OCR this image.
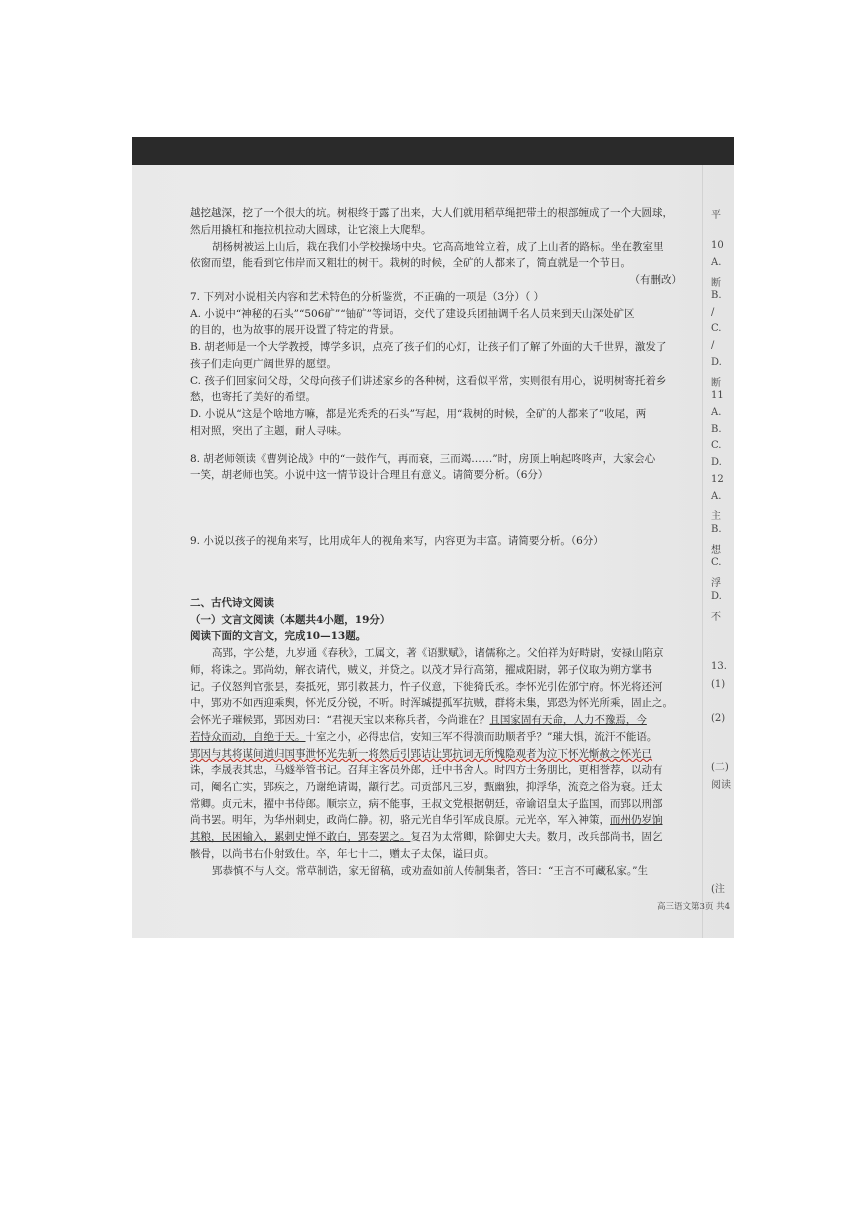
越挖越深，挖了一个很大的坑。树根终于露了出来，大人们就用稻草绳把带土的根部缠成了一个大圆球，
然后用撬杠和拖拉机拉动大圆球，让它滚上大爬犁。
胡杨树被运上山后，栽在我们小学校操场中央。它高高地耸立着，成了上山者的路标。坐在教室里
依窗而望，能看到它伟岸而又粗壮的树干。栽树的时候，全矿的人都来了，简直就是一个节日。
（有删改）
7. 下列对小说相关内容和艺术特色的分析鉴赏，不正确的一项是（3分）（ ）
A. 小说中“神秘的石头”“506矿”“铀矿”等词语，交代了建设兵团抽调千名人员来到天山深处矿区
的目的，也为故事的展开设置了特定的背景。
B. 胡老师是一个大学教授，博学多识，点亮了孩子们的心灯，让孩子们了解了外面的大千世界，激发了
孩子们走向更广阔世界的愿望。
C. 孩子们回家问父母，父母向孩子们讲述家乡的各种树，这看似平常，实则很有用心，说明树寄托着乡
愁，也寄托了美好的希望。
D. 小说从“这是个啥地方嘛，都是光秃秃的石头”写起，用“栽树的时候，全矿的人都来了”收尾，两
相对照，突出了主题，耐人寻味。
8. 胡老师领读《曹刿论战》中的“一鼓作气，再而衰，三而竭……”时，房顶上响起咚咚声，大家会心
一笑，胡老师也笑。小说中这一情节设计合理且有意义。请简要分析。（6分）
9. 小说以孩子的视角来写，比用成年人的视角来写，内容更为丰富。请简要分析。（6分）
二、古代诗文阅读
（一）文言文阅读（本题共4小题，19分）
阅读下面的文言文，完成10—13题。
高郢，字公楚，九岁通《春秋》，工属文，著《语默赋》，诸儒称之。父伯祥为好畤尉，安禄山陷京
师，将诛之。郢尚幼，解衣请代，贼义，并贷之。以茂才异行高第，擢咸阳尉，郭子仪取为朔方掌书
记。子仪怒判官张昙，奏抵死，郢引救甚力，忤子仪意，下徙猗氏丞。李怀光引佐邠宁府。怀光将还河
中，郢劝不如西迎乘舆，怀光反分锐，不听。时浑瑊提孤军抗贼，群将未集，郢恐为怀光所乘，固止之。
会怀光子璀候郢，郢因劝曰：“君视天宝以来称兵者，今尚谁在？且国家固有天命，人力不豫焉，今
若恃众而动，自绝于天。十室之小，必得忠信，安知三军不得溃而助顺者乎？”璀大惧，流汗不能语。
郢因与其将谋间道归国事泄怀光先斩一将然后引郢诘让郢抗词无所愧隐观者为泣下怀光惭赦之怀光已
诛，李晟表其忠，马燧举管书记。召拜主客员外郎，迁中书舍人。时四方士务朋比，更相誉荐，以动有
司，阉名亡实，郢疾之，乃谢绝请谒，颛行艺。司贡部凡三岁，甄幽独，抑浮华，流竞之俗为衰。迁太
常卿。贞元末，擢中书侍郎。顺宗立，病不能事，王叔文党根据朝廷，帝谕诏皇太子监国，而郢以刑部
尚书罢。明年，为华州刺史，政尚仁静。初，骆元光自华引军成良原。元光卒，军入神策，而州仍岁饷
其粮，民困输入，累剌史惮不敢白，郢奏罢之。复召为太常卿，除御史大夫。数月，改兵部尚书，固乞
骸骨，以尚书右仆射致仕。卒，年七十二，赠太子太保，谥曰贞。
郢恭慎不与人交。常草制诰，家无留稿，或劝盍如前人传制集者，答曰：“王言不可藏私家。”生
平
10
A.
断
B.
/
C.
/
D.
断
11
A.
B.
C.
D.
12
A.
主
B.
想
C.
浮
D.
不
13.
(1)
(2)
(二)
阅读
(注
高三语文第3页 共4
